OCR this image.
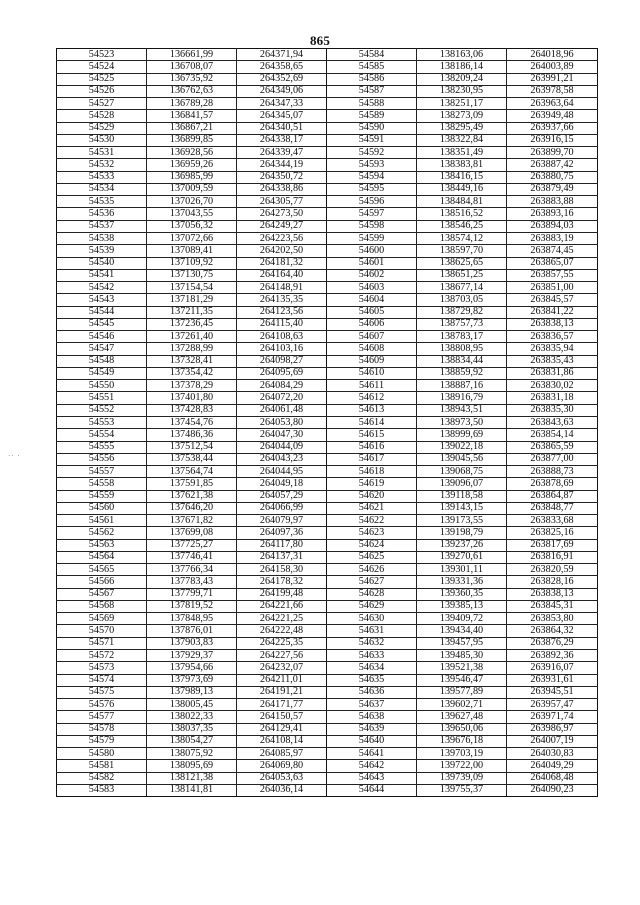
865
·· ·
54523	136661,99	264371,94	54584	138163,06	264018,96
54524	136708,07	264358,65	54585	138186,14	264003,89
54525	136735,92	264352,69	54586	138209,24	263991,21
54526	136762,63	264349,06	54587	138230,95	263978,58
54527	136789,28	264347,33	54588	138251,17	263963,64
54528	136841,57	264345,07	54589	138273,09	263949,48
54529	136867,21	264340,51	54590	138295,49	263937,66
54530	136899,85	264338,17	54591	138322,84	263916,15
54531	136928,56	264339,47	54592	138351,49	263899,70
54532	136959,26	264344,19	54593	138383,81	263887,42
54533	136985,99	264350,72	54594	138416,15	263880,75
54534	137009,59	264338,86	54595	138449,16	263879,49
54535	137026,70	264305,77	54596	138484,81	263883,88
54536	137043,55	264273,50	54597	138516,52	263893,16
54537	137056,32	264249,27	54598	138546,25	263894,03
54538	137072,66	264223,56	54599	138574,12	263883,19
54539	137089,41	264202,50	54600	138597,70	263874,45
54540	137109,92	264181,32	54601	138625,65	263865,07
54541	137130,75	264164,40	54602	138651,25	263857,55
54542	137154,54	264148,91	54603	138677,14	263851,00
54543	137181,29	264135,35	54604	138703,05	263845,57
54544	137211,35	264123,56	54605	138729,82	263841,22
54545	137236,45	264115,40	54606	138757,73	263838,13
54546	137261,40	264108,63	54607	138783,17	263836,57
54547	137288,99	264103,16	54608	138808,95	263835,94
54548	137328,41	264098,27	54609	138834,44	263835,43
54549	137354,42	264095,69	54610	138859,92	263831,86
54550	137378,29	264084,29	54611	138887,16	263830,02
54551	137401,80	264072,20	54612	138916,79	263831,18
54552	137428,83	264061,48	54613	138943,51	263835,30
54553	137454,76	264053,80	54614	138973,50	263843,63
54554	137486,36	264047,30	54615	138999,69	263854,14
54555	137512,54	264044,09	54616	139022,18	263865,59
54556	137538,44	264043,23	54617	139045,56	263877,00
54557	137564,74	264044,95	54618	139068,75	263888,73
54558	137591,85	264049,18	54619	139096,07	263878,69
54559	137621,38	264057,29	54620	139118,58	263864,87
54560	137646,20	264066,99	54621	139143,15	263848,77
54561	137671,82	264079,97	54622	139173,55	263833,68
54562	137699,08	264097,36	54623	139198,79	263825,16
54563	137725,27	264117,80	54624	139237,26	263817,69
54564	137746,41	264137,31	54625	139270,61	263816,91
54565	137766,34	264158,30	54626	139301,11	263820,59
54566	137783,43	264178,32	54627	139331,36	263828,16
54567	137799,71	264199,48	54628	139360,35	263838,13
54568	137819,52	264221,66	54629	139385,13	263845,31
54569	137848,95	264221,25	54630	139409,72	263853,80
54570	137876,01	264222,48	54631	139434,40	263864,32
54571	137903,83	264225,35	54632	139457,95	263876,29
54572	137929,37	264227,56	54633	139485,30	263892,36
54573	137954,66	264232,07	54634	139521,38	263916,07
54574	137973,69	264211,01	54635	139546,47	263931,61
54575	137989,13	264191,21	54636	139577,89	263945,51
54576	138005,45	264171,77	54637	139602,71	263957,47
54577	138022,33	264150,57	54638	139627,48	263971,74
54578	138037,35	264129,41	54639	139650,06	263986,97
54579	138054,27	264108,14	54640	139676,18	264007,19
54580	138075,92	264085,97	54641	139703,19	264030,83
54581	138095,69	264069,80	54642	139722,00	264049,29
54582	138121,38	264053,63	54643	139739,09	264068,48
54583	138141,81	264036,14	54644	139755,37	264090,23
